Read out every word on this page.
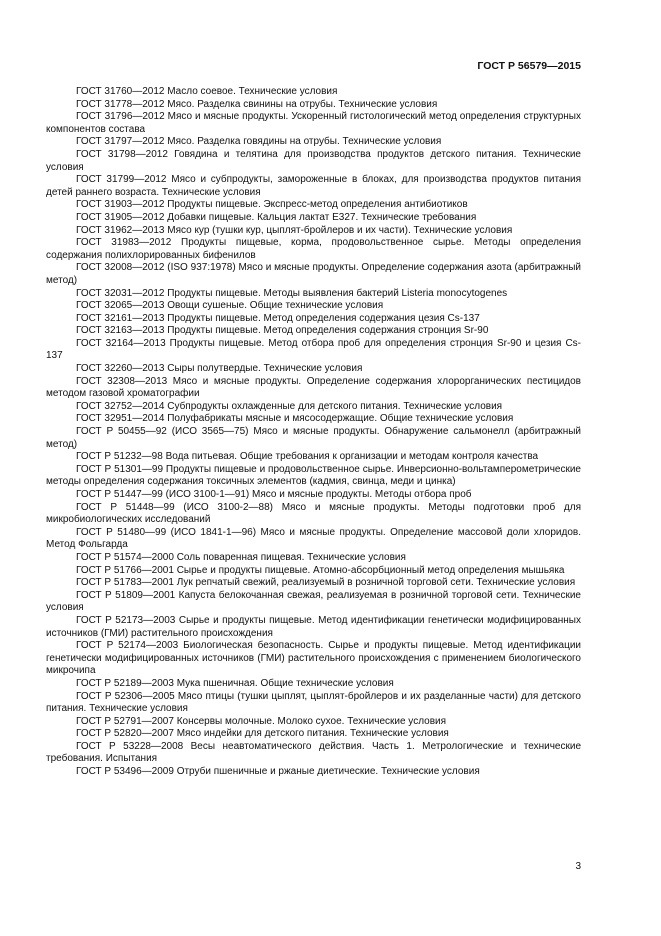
ГОСТ Р 56579—2015

ГОСТ 31760—2012 Масло соевое. Технические условия

ГОСТ 31778—2012 Мясо. Разделка свинины на отрубы. Технические условия

ГОСТ 31796—2012 Мясо и мясные продукты. Ускоренный гистологический метод определения структурных компонентов состава

ГОСТ 31797—2012 Мясо. Разделка говядины на отрубы. Технические условия

ГОСТ 31798—2012 Говядина и телятина для производства продуктов детского питания. Технические условия

ГОСТ 31799—2012 Мясо и субпродукты, замороженные в блоках, для производства продуктов питания детей раннего возраста. Технические условия

ГОСТ 31903—2012 Продукты пищевые. Экспресс-метод определения антибиотиков

ГОСТ 31905—2012 Добавки пищевые. Кальция лактат E327. Технические требования

ГОСТ 31962—2013 Мясо кур (тушки кур, цыплят-бройлеров и их части). Технические условия

ГОСТ 31983—2012 Продукты пищевые, корма, продовольственное сырье. Методы определения содержания полихлорированных бифенилов

ГОСТ 32008—2012 (ISO 937:1978) Мясо и мясные продукты. Определение содержания азота (арбитражный метод)

ГОСТ 32031—2012 Продукты пищевые. Методы выявления бактерий Listeria monocytogenes

ГОСТ 32065—2013 Овощи сушеные. Общие технические условия

ГОСТ 32161—2013 Продукты пищевые. Метод определения содержания цезия Cs-137

ГОСТ 32163—2013 Продукты пищевые. Метод определения содержания стронция Sr-90

ГОСТ 32164—2013 Продукты пищевые. Метод отбора проб для определения стронция Sr-90 и цезия Cs-137

ГОСТ 32260—2013 Сыры полутвердые. Технические условия

ГОСТ 32308—2013 Мясо и мясные продукты. Определение содержания хлорорганических пестицидов методом газовой хроматографии

ГОСТ 32752—2014 Субпродукты охлажденные для детского питания. Технические условия

ГОСТ 32951—2014 Полуфабрикаты мясные и мясосодержащие. Общие технические условия

ГОСТ Р 50455—92 (ИСО 3565—75) Мясо и мясные продукты. Обнаружение сальмонелл (арбитражный метод)

ГОСТ Р 51232—98 Вода питьевая. Общие требования к организации и методам контроля качества

ГОСТ Р 51301—99 Продукты пищевые и продовольственное сырье. Инверсионно-вольтамперометрические методы определения содержания токсичных элементов (кадмия, свинца, меди и цинка)

ГОСТ Р 51447—99 (ИСО 3100-1—91) Мясо и мясные продукты. Методы отбора проб

ГОСТ Р 51448—99 (ИСО 3100-2—88) Мясо и мясные продукты. Методы подготовки проб для микробиологических исследований

ГОСТ Р 51480—99 (ИСО 1841-1—96) Мясо и мясные продукты. Определение массовой доли хлоридов. Метод Фольгарда

ГОСТ Р 51574—2000 Соль поваренная пищевая. Технические условия

ГОСТ Р 51766—2001 Сырье и продукты пищевые. Атомно-абсорбционный метод определения мышьяка

ГОСТ Р 51783—2001 Лук репчатый свежий, реализуемый в розничной торговой сети. Технические условия

ГОСТ Р 51809—2001 Капуста белокочанная свежая, реализуемая в розничной торговой сети. Технические условия

ГОСТ Р 52173—2003 Сырье и продукты пищевые. Метод идентификации генетически модифицированных источников (ГМИ) растительного происхождения

ГОСТ Р 52174—2003 Биологическая безопасность. Сырье и продукты пищевые. Метод идентификации генетически модифицированных источников (ГМИ) растительного происхождения с применением биологического микрочипа

ГОСТ Р 52189—2003 Мука пшеничная. Общие технические условия

ГОСТ Р 52306—2005 Мясо птицы (тушки цыплят, цыплят-бройлеров и их разделанные части) для детского питания. Технические условия

ГОСТ Р 52791—2007 Консервы молочные. Молоко сухое. Технические условия

ГОСТ Р 52820—2007 Мясо индейки для детского питания. Технические условия

ГОСТ Р 53228—2008 Весы неавтоматического действия. Часть 1. Метрологические и технические требования. Испытания

ГОСТ Р 53496—2009 Отруби пшеничные и ржаные диетические. Технические условия

3
